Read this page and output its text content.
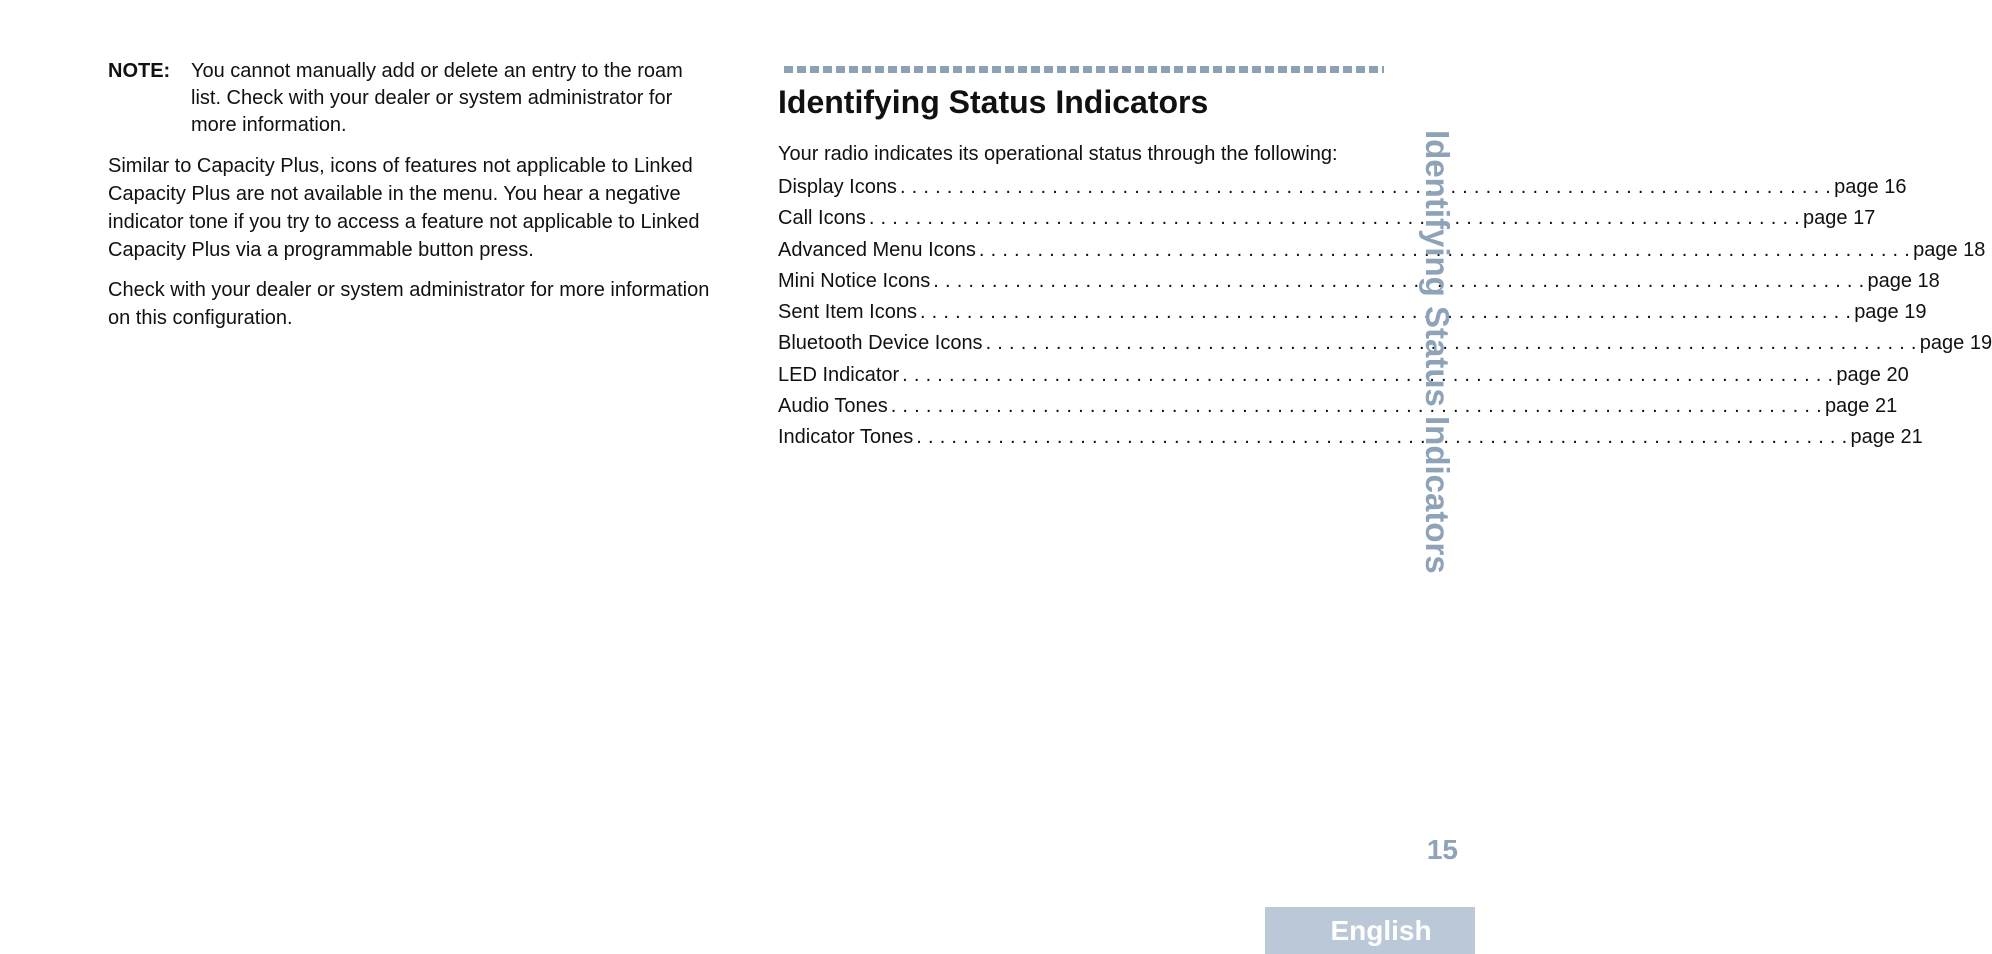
NOTE:	You cannot manually add or delete an entry to the roam list. Check with your dealer or system administrator for more information.

Similar to Capacity Plus, icons of features not applicable to Linked Capacity Plus are not available in the menu. You hear a negative indicator tone if you try to access a feature not applicable to Linked Capacity Plus via a programmable button press.

Check with your dealer or system administrator for more information on this configuration.

Identifying Status Indicators
Your radio indicates its operational status through the following:
Display Icons . . . . . . . . . . . . . . . . . . . . . . . . . . . . . . . . . . . . . . . . . . . . . . . . . . . . . . . . . . . . . . . . . . . . . . . . . . . . . . . . page 16
Call Icons . . . . . . . . . . . . . . . . . . . . . . . . . . . . . . . . . . . . . . . . . . . . . . . . . . . . . . . . . . . . . . . . . . . . . . . . . . . . . . . . page 17
Advanced Menu Icons . . . . . . . . . . . . . . . . . . . . . . . . . . . . . . . . . . . . . . . . . . . . . . . . . . . . . . . . . . . . . . . . . . . . . . . . . . . . . . . . page 18
Mini Notice Icons . . . . . . . . . . . . . . . . . . . . . . . . . . . . . . . . . . . . . . . . . . . . . . . . . . . . . . . . . . . . . . . . . . . . . . . . . . . . . . . . page 18
Sent Item Icons . . . . . . . . . . . . . . . . . . . . . . . . . . . . . . . . . . . . . . . . . . . . . . . . . . . . . . . . . . . . . . . . . . . . . . . . . . . . . . . . page 19
Bluetooth Device Icons . . . . . . . . . . . . . . . . . . . . . . . . . . . . . . . . . . . . . . . . . . . . . . . . . . . . . . . . . . . . . . . . . . . . . . . . . . . . . . . . page 19
LED Indicator . . . . . . . . . . . . . . . . . . . . . . . . . . . . . . . . . . . . . . . . . . . . . . . . . . . . . . . . . . . . . . . . . . . . . . . . . . . . . . . . page 20
Audio Tones . . . . . . . . . . . . . . . . . . . . . . . . . . . . . . . . . . . . . . . . . . . . . . . . . . . . . . . . . . . . . . . . . . . . . . . . . . . . . . . . page 21
Indicator Tones . . . . . . . . . . . . . . . . . . . . . . . . . . . . . . . . . . . . . . . . . . . . . . . . . . . . . . . . . . . . . . . . . . . . . . . . . . . . . . . . page 21
Identifying Status Indicators
15
English
